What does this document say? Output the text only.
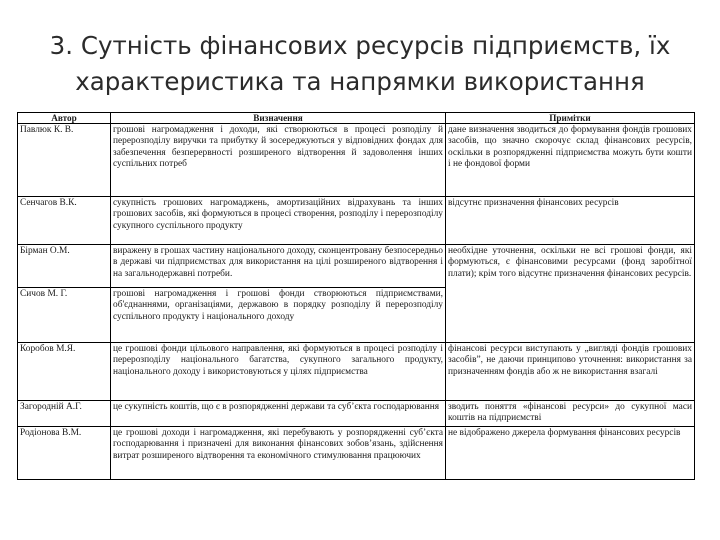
3. Сутність фінансових ресурсів підприємств, їх характеристика та напрямки використання
Автор	Визначення	Примітки
Павлюк К. В.	грошові нагромадження і доходи, які створюються в процесі розподілу й перерозподілу виручки та прибутку й зосереджуються у відповідних фондах для забезпечення безперервності розширеного відтворення й задоволення інших суспільних потреб	дане визначення зводиться до формування фондів грошових засобів, що значно скорочує склад фінансових ресурсів, оскільки в розпорядженні підприємства можуть бути кошти і не фондової форми
Сенчагов В.К.	сукупність грошових нагромаджень, амортизаційних відрахувань та інших грошових засобів, які формуються в процесі створення, розподілу і перерозподілу сукупного суспільного продукту	відсутнє призначення фінансових ресурсів
Бірман О.М.	виражену в грошах частину національного доходу, сконцентровану безпосередньо в державі чи підприємствах для використання на цілі розширеного відтворення і на загальнодержавні потреби.	необхідне уточнення, оскільки не всі грошові фонди, які формуються, є фінансовими ресурсами (фонд заробітної плати); крім того відсутнє призначення фінансових ресурсів.
Сичов М. Г.	грошові нагромадження і грошові фонди створюються підприємствами, об'єднаннями, організаціями, державою в порядку розподілу й перерозподілу суспільного продукту і національного доходу	
Коробов М.Я.	це грошові фонди цільового направлення, які формуються в процесі розподілу і перерозподілу національного багатства, сукупного загального продукту, національного доходу і використовуються у цілях підприємства	фінансові ресурси виступають у „вигляді фондів грошових засобів”, не даючи принципово уточнення: використання за призначенням фондів або ж не використання взагалі
Загородній А.Г.	це сукупність коштів, що є в розпорядженні держави та суб’єкта господарювання	зводить поняття «фінансові ресурси» до сукупної маси коштів на підприємстві
Родіонова В.М.	це грошові доходи і нагромадження, які перебувають у розпорядженні суб’єкта господарювання і призначені для виконання фінансових зобов’язань, здійснення витрат розширеного відтворення та економічного стимулювання працюючих	не відображено джерела формування фінансових ресурсів
